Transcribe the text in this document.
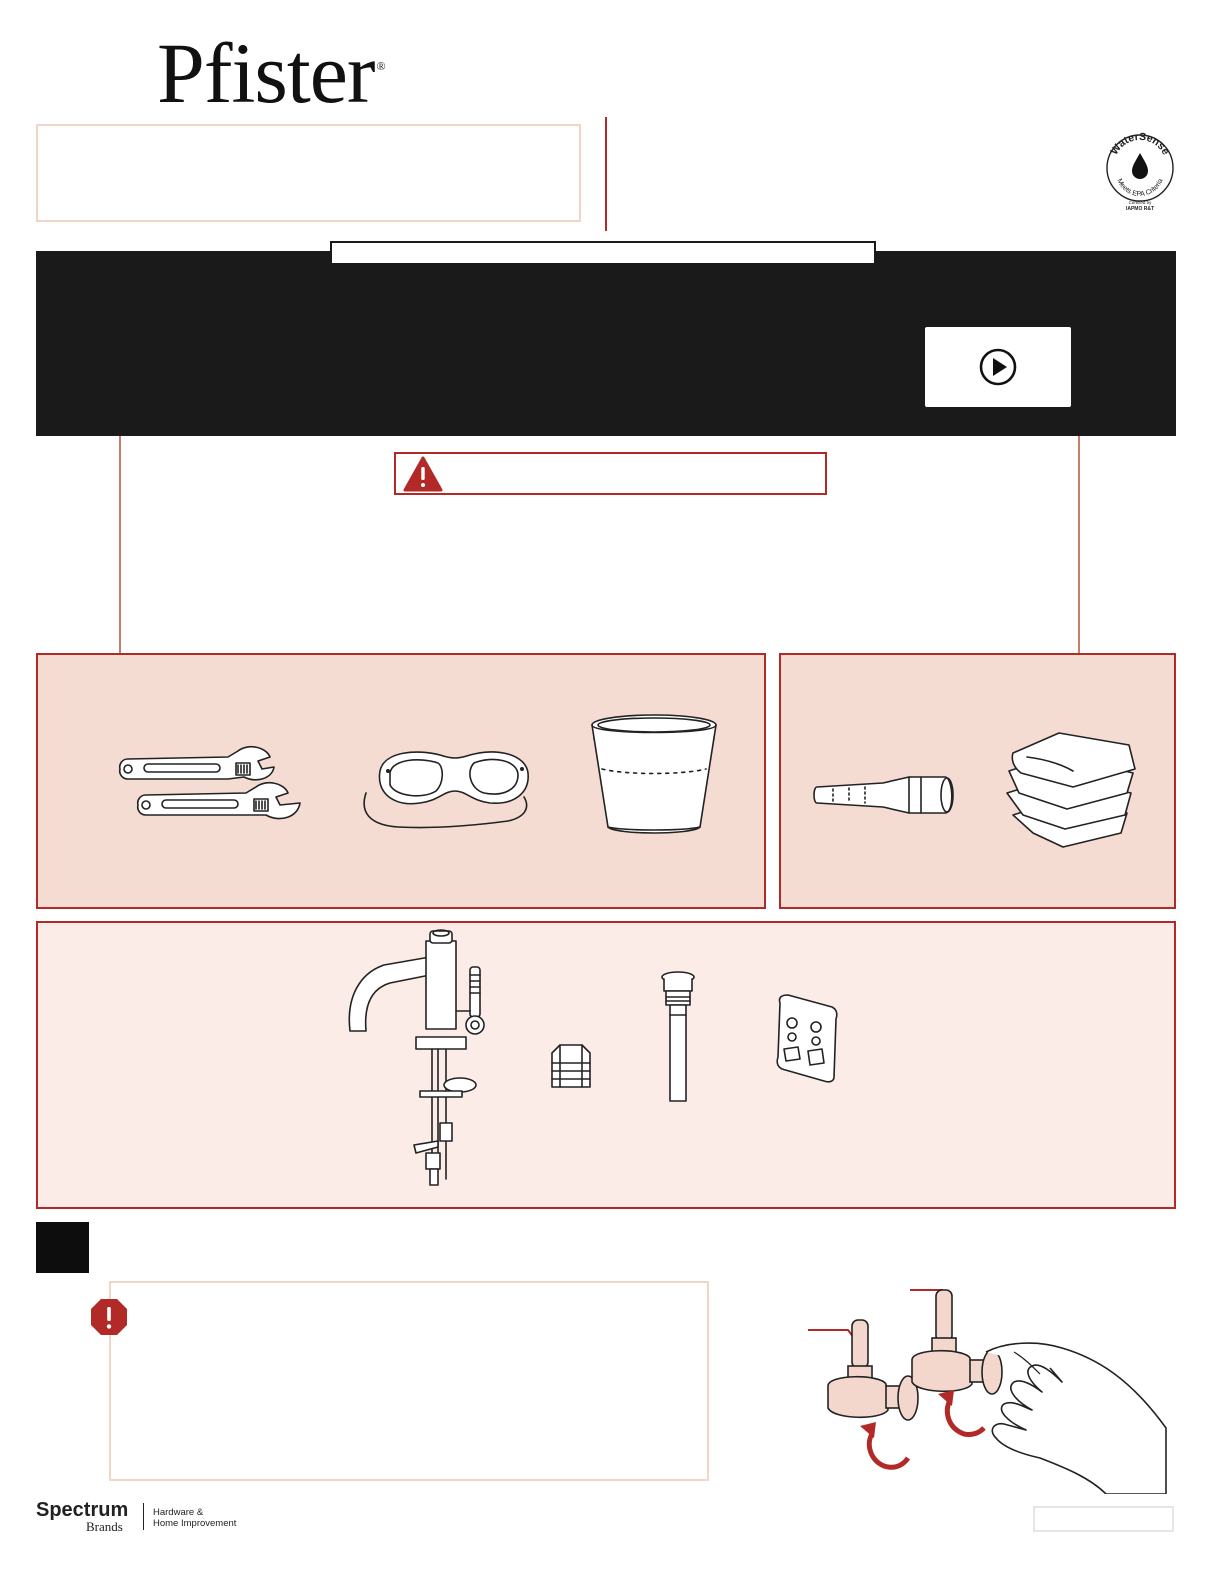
Pfister ®
WaterSense
Meets EPA Criteria
Certified by
IAPMO R&T
Spectrum
Brands
Hardware &
Home Improvement
